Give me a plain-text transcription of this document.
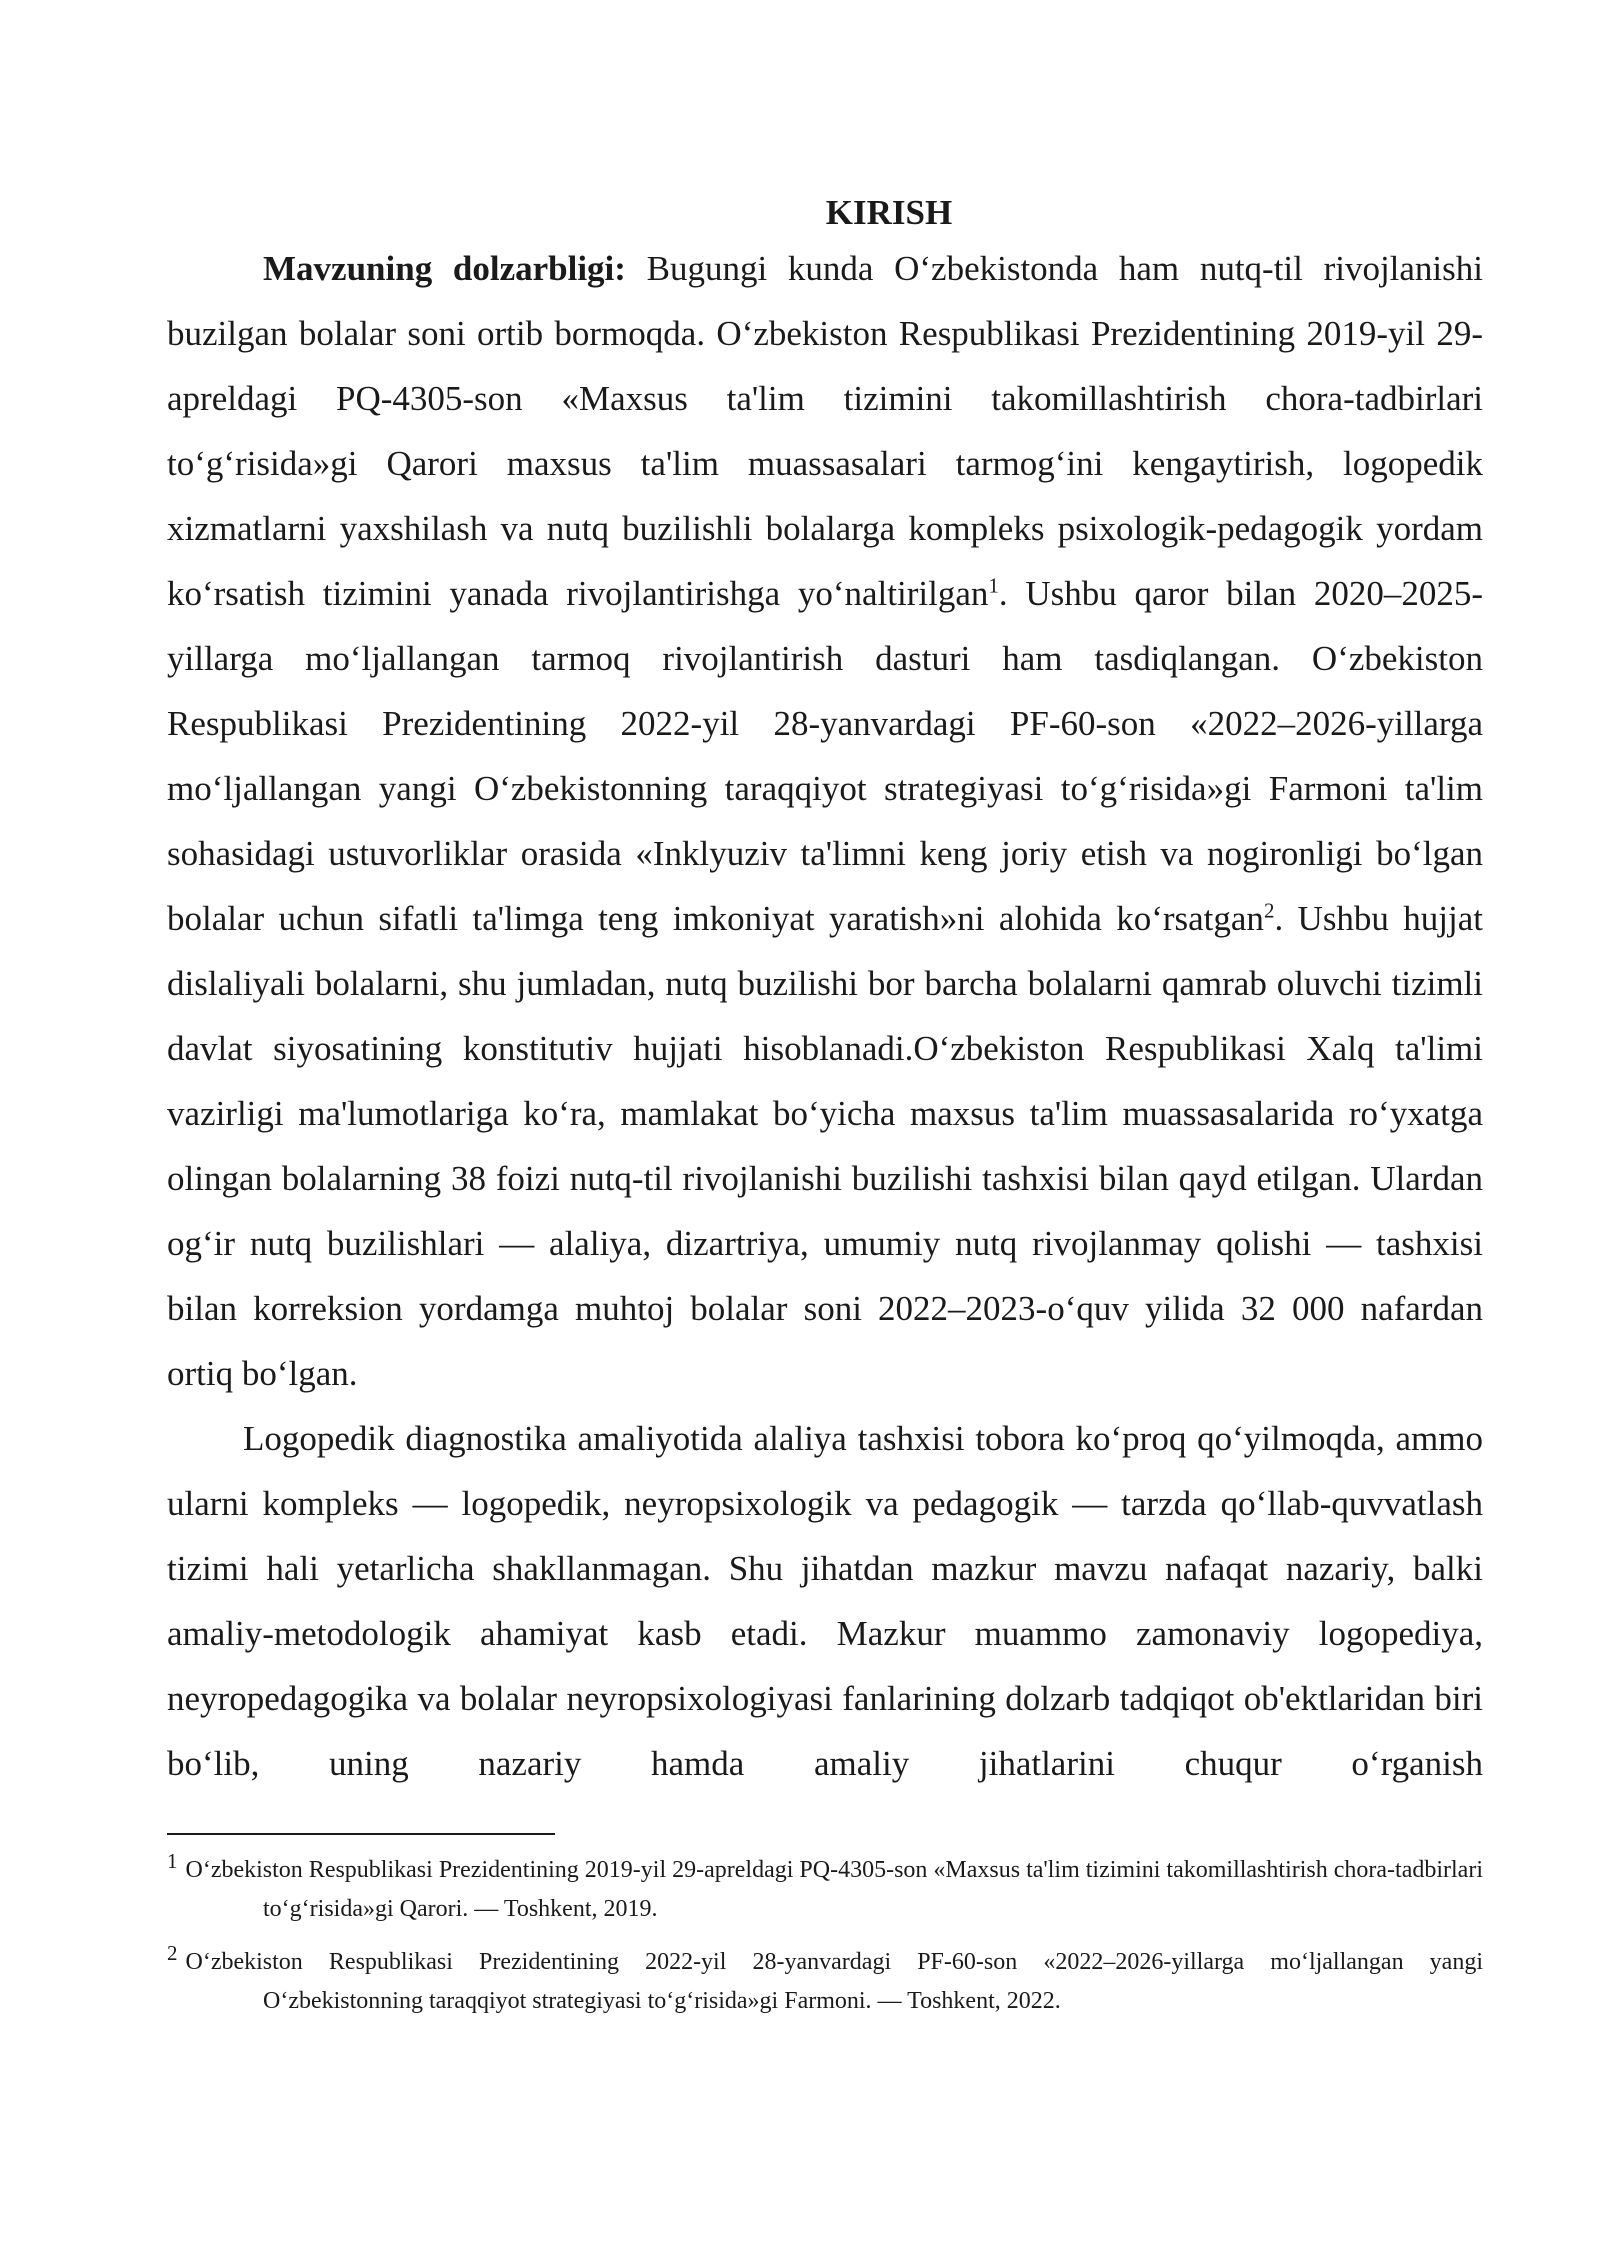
KIRISH

Mavzuning dolzarbligi: Bugungi kunda O‘zbekistonda ham nutq-til rivojlanishi buzilgan bolalar soni ortib bormoqda. O‘zbekiston Respublikasi Prezidentining 2019-yil 29-apreldagi PQ-4305-son «Maxsus ta'lim tizimini takomillashtirish chora-tadbirlari to‘g‘risida»gi Qarori maxsus ta'lim muassasalari tarmog‘ini kengaytirish, logopedik xizmatlarni yaxshilash va nutq buzilishli bolalarga kompleks psixologik-pedagogik yordam ko‘rsatish tizimini yanada rivojlantirishga yo‘naltirilgan$^1$. Ushbu qaror bilan 2020–2025-yillarga mo‘ljallangan tarmoq rivojlantirish dasturi ham tasdiqlangan. O‘zbekiston Respublikasi Prezidentining 2022-yil 28-yanvardagi PF-60-son «2022–2026-yillarga mo‘ljallangan yangi O‘zbekistonning taraqqiyot strategiyasi to‘g‘risida»gi Farmoni ta'lim sohasidagi ustuvorliklar orasida «Inklyuziv ta'limni keng joriy etish va nogironligi bo‘lgan bolalar uchun sifatli ta'limga teng imkoniyat yaratish»ni alohida ko‘rsatgan$^2$. Ushbu hujjat dislaliyali bolalarni, shu jumladan, nutq buzilishi bor barcha bolalarni qamrab oluvchi tizimli davlat siyosatining konstitutiv hujjati hisoblanadi.O‘zbekiston Respublikasi Xalq ta'limi vazirligi ma'lumotlariga ko‘ra, mamlakat bo‘yicha maxsus ta'lim muassasalarida ro‘yxatga olingan bolalarning 38 foizi nutq-til rivojlanishi buzilishi tashxisi bilan qayd etilgan. Ulardan og‘ir nutq buzilishlari — alaliya, dizartriya, umumiy nutq rivojlanmay qolishi — tashxisi bilan korreksion yordamga muhtoj bolalar soni 2022–2023-o‘quv yilida 32 000 nafardan ortiq bo‘lgan.

Logopedik diagnostika amaliyotida alaliya tashxisi tobora ko‘proq qo‘yilmoqda, ammo ularni kompleks — logopedik, neyropsixologik va pedagogik — tarzda qo‘llab-quvvatlash tizimi hali yetarlicha shakllanmagan. Shu jihatdan mazkur mavzu nafaqat nazariy, balki amaliy-metodologik ahamiyat kasb etadi. Mazkur muammo zamonaviy logopediya, neyropedagogika va bolalar neyropsixologiyasi fanlarining dolzarb tadqiqot ob'ektlaridan biri bo‘lib, uning nazariy hamda amaliy jihatlarini chuqur o‘rganish

1 O‘zbekiston Respublikasi Prezidentining 2019-yil 29-apreldagi PQ-4305-son «Maxsus ta'lim tizimini takomillashtirish chora-tadbirlari to‘g‘risida»gi Qarori. — Toshkent, 2019.

2 O‘zbekiston Respublikasi Prezidentining 2022-yil 28-yanvardagi PF-60-son «2022–2026-yillarga mo‘ljallangan yangi O‘zbekistonning taraqqiyot strategiyasi to‘g‘risida»gi Farmoni. — Toshkent, 2022.
